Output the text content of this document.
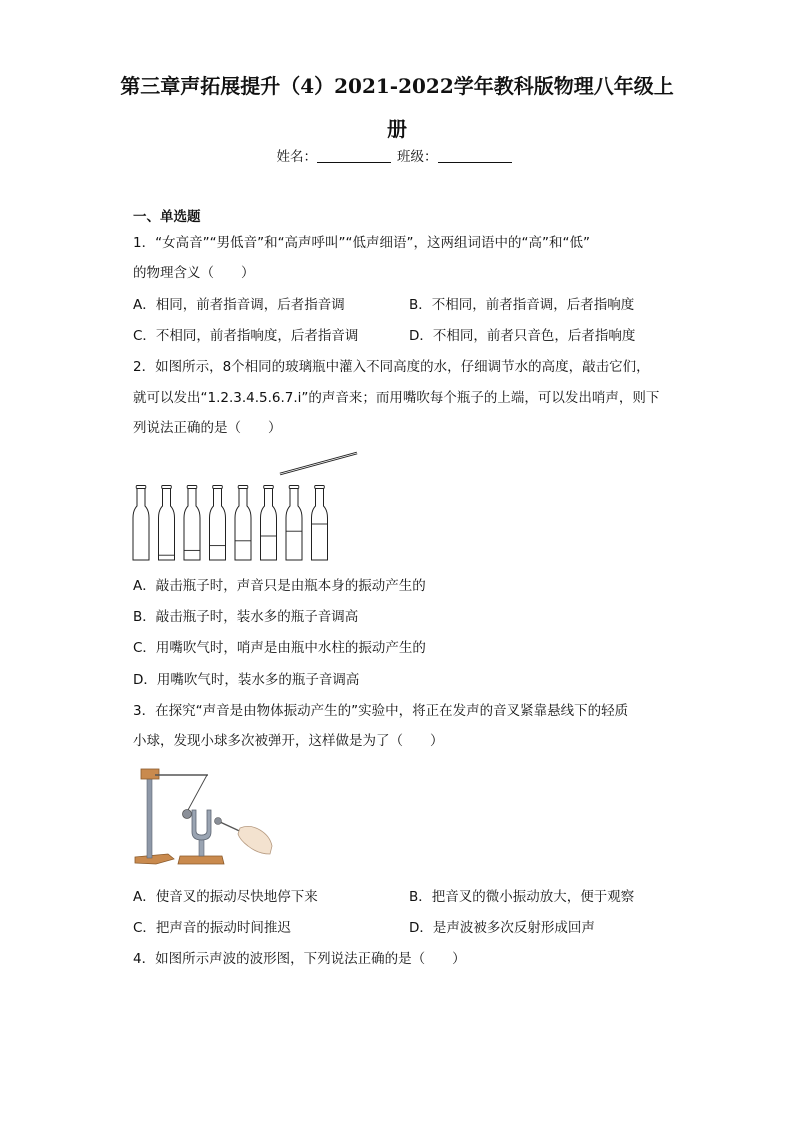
第三章声拓展提升（4）2021-2022学年教科版物理八年级上
册
姓名：	班级：
一、单选题
1．“女高音”“男低音”和“高声呼叫”“低声细语”，这两组词语中的“高”和“低”
的物理含义（　　）
A．相同，前者指音调，后者指音调	B．不相同，前者指音调，后者指响度
C．不相同，前者指响度，后者指音调	D．不相同，前者只音色，后者指响度
2．如图所示，8个相同的玻璃瓶中灌入不同高度的水，仔细调节水的高度，敲击它们，
就可以发出“1.2.3.4.5.6.7.i”的声音来；而用嘴吹每个瓶子的上端，可以发出哨声，则下
列说法正确的是（　　）
A．敲击瓶子时，声音只是由瓶本身的振动产生的
B．敲击瓶子时，装水多的瓶子音调高
C．用嘴吹气时，哨声是由瓶中水柱的振动产生的
D．用嘴吹气时，装水多的瓶子音调高
3．在探究“声音是由物体振动产生的”实验中，将正在发声的音叉紧靠悬线下的轻质
小球，发现小球多次被弹开，这样做是为了（　　）
A．使音叉的振动尽快地停下来	B．把音叉的微小振动放大，便于观察
C．把声音的振动时间推迟	D．是声波被多次反射形成回声
4．如图所示声波的波形图，下列说法正确的是（　　）
